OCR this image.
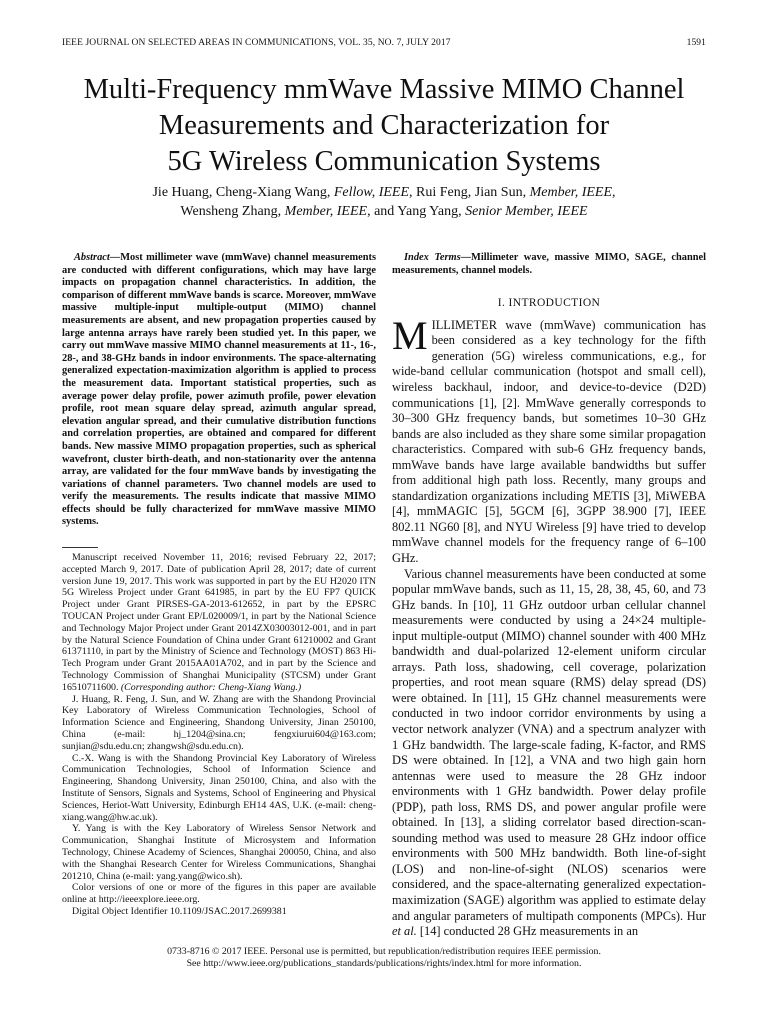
IEEE JOURNAL ON SELECTED AREAS IN COMMUNICATIONS, VOL. 35, NO. 7, JULY 2017	1591
Multi-Frequency mmWave Massive MIMO Channel
Measurements and Characterization for
5G Wireless Communication Systems
Jie Huang, Cheng-Xiang Wang, Fellow, IEEE, Rui Feng, Jian Sun, Member, IEEE,
Wensheng Zhang, Member, IEEE, and Yang Yang, Senior Member, IEEE

Abstract—Most millimeter wave (mmWave) channel measurements are conducted with different configurations, which may have large impacts on propagation channel characteristics. In addition, the comparison of different mmWave bands is scarce. Moreover, mmWave massive multiple-input multiple-output (MIMO) channel measurements are absent, and new propagation properties caused by large antenna arrays have rarely been studied yet. In this paper, we carry out mmWave massive MIMO channel measurements at 11-, 16-, 28-, and 38-GHz bands in indoor environments. The space-alternating generalized expectation-maximization algorithm is applied to process the measurement data. Important statistical properties, such as average power delay profile, power azimuth profile, power elevation profile, root mean square delay spread, azimuth angular spread, elevation angular spread, and their cumulative distribution functions and correlation properties, are obtained and compared for different bands. New massive MIMO propagation properties, such as spherical wavefront, cluster birth-death, and non-stationarity over the antenna array, are validated for the four mmWave bands by investigating the variations of channel parameters. Two channel models are used to verify the measurements. The results indicate that massive MIMO effects should be fully characterized for mmWave massive MIMO systems.

Manuscript received November 11, 2016; revised February 22, 2017; accepted March 9, 2017. Date of publication April 28, 2017; date of current version June 19, 2017. This work was supported in part by the EU H2020 ITN 5G Wireless Project under Grant 641985, in part by the EU FP7 QUICK Project under Grant PIRSES-GA-2013-612652, in part by the EPSRC TOUCAN Project under Grant EP/L020009/1, in part by the National Science and Technology Major Project under Grant 2014ZX03003012-001, and in part by the Natural Science Foundation of China under Grant 61210002 and Grant 61371110, in part by the Ministry of Science and Technology (MOST) 863 Hi-Tech Program under Grant 2015AA01A702, and in part by the Science and Technology Commission of Shanghai Municipality (STCSM) under Grant 16510711600. (Corresponding author: Cheng-Xiang Wang.)

J. Huang, R. Feng, J. Sun, and W. Zhang are with the Shandong Provincial Key Laboratory of Wireless Communication Technologies, School of Information Science and Engineering, Shandong University, Jinan 250100, China (e-mail: hj_1204@sina.cn; fengxiurui604@163.com; sunjian@sdu.edu.cn; zhangwsh@sdu.edu.cn).

C.-X. Wang is with the Shandong Provincial Key Laboratory of Wireless Communication Technologies, School of Information Science and Engineering, Shandong University, Jinan 250100, China, and also with the Institute of Sensors, Signals and Systems, School of Engineering and Physical Sciences, Heriot-Watt University, Edinburgh EH14 4AS, U.K. (e-mail: cheng-xiang.wang@hw.ac.uk).

Y. Yang is with the Key Laboratory of Wireless Sensor Network and Communication, Shanghai Institute of Microsystem and Information Technology, Chinese Academy of Sciences, Shanghai 200050, China, and also with the Shanghai Research Center for Wireless Communications, Shanghai 201210, China (e-mail: yang.yang@wico.sh).

Color versions of one or more of the figures in this paper are available online at http://ieeexplore.ieee.org.

Digital Object Identifier 10.1109/JSAC.2017.2699381

Index Terms—Millimeter wave, massive MIMO, SAGE, channel measurements, channel models.

I. INTRODUCTION

MILLIMETER wave (mmWave) communication has been considered as a key technology for the fifth generation (5G) wireless communications, e.g., for wide-band cellular communication (hotspot and small cell), wireless backhaul, indoor, and device-to-device (D2D) communications [1], [2]. MmWave generally corresponds to 30–300 GHz frequency bands, but sometimes 10–30 GHz bands are also included as they share some similar propagation characteristics. Compared with sub-6 GHz frequency bands, mmWave bands have large available bandwidths but suffer from additional high path loss. Recently, many groups and standardization organizations including METIS [3], MiWEBA [4], mmMAGIC [5], 5GCM [6], 3GPP 38.900 [7], IEEE 802.11 NG60 [8], and NYU Wireless [9] have tried to develop mmWave channel models for the frequency range of 6–100 GHz.

Various channel measurements have been conducted at some popular mmWave bands, such as 11, 15, 28, 38, 45, 60, and 73 GHz bands. In [10], 11 GHz outdoor urban cellular channel measurements were conducted by using a 24×24 multiple-input multiple-output (MIMO) channel sounder with 400 MHz bandwidth and dual-polarized 12-element uniform circular arrays. Path loss, shadowing, cell coverage, polarization properties, and root mean square (RMS) delay spread (DS) were obtained. In [11], 15 GHz channel measurements were conducted in two indoor corridor environments by using a vector network analyzer (VNA) and a spectrum analyzer with 1 GHz bandwidth. The large-scale fading, K-factor, and RMS DS were obtained. In [12], a VNA and two high gain horn antennas were used to measure the 28 GHz indoor environments with 1 GHz bandwidth. Power delay profile (PDP), path loss, RMS DS, and power angular profile were obtained. In [13], a sliding correlator based direction-scan-sounding method was used to measure 28 GHz indoor office environments with 500 MHz bandwidth. Both line-of-sight (LOS) and non-line-of-sight (NLOS) scenarios were considered, and the space-alternating generalized expectation-maximization (SAGE) algorithm was applied to estimate delay and angular parameters of multipath components (MPCs). Hur et al. [14] conducted 28 GHz measurements in an

0733-8716 © 2017 IEEE. Personal use is permitted, but republication/redistribution requires IEEE permission.
See http://www.ieee.org/publications_standards/publications/rights/index.html for more information.
